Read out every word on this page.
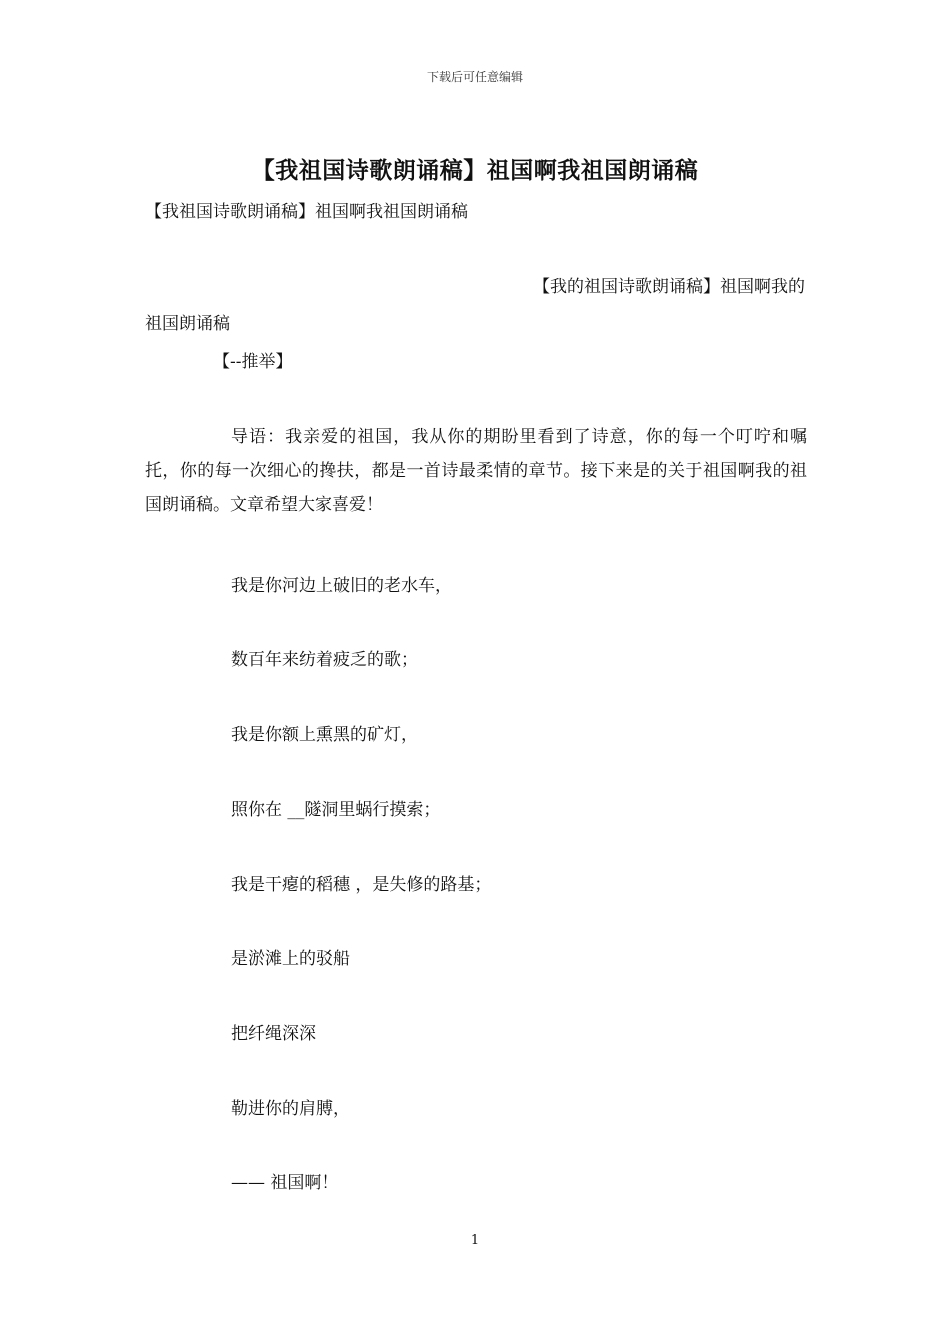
下载后可任意编辑
【我祖国诗歌朗诵稿】祖国啊我祖国朗诵稿
【我祖国诗歌朗诵稿】祖国啊我祖国朗诵稿
【我的祖国诗歌朗诵稿】祖国啊我的
祖国朗诵稿
【--推举】
导语：我亲爱的祖国，我从你的期盼里看到了诗意，你的每一个叮咛和嘱托，你的每一次细心的搀扶，都是一首诗最柔情的章节。接下来是的关于祖国啊我的祖国朗诵稿。文章希望大家喜爱！
我是你河边上破旧的老水车，
数百年来纺着疲乏的歌；
我是你额上熏黑的矿灯，
照你在 __隧洞里蜗行摸索；
我是干瘪的稻穗 ，是失修的路基；
是淤滩上的驳船
把纤绳深深
勒进你的肩膊，
—— 祖国啊！
1
